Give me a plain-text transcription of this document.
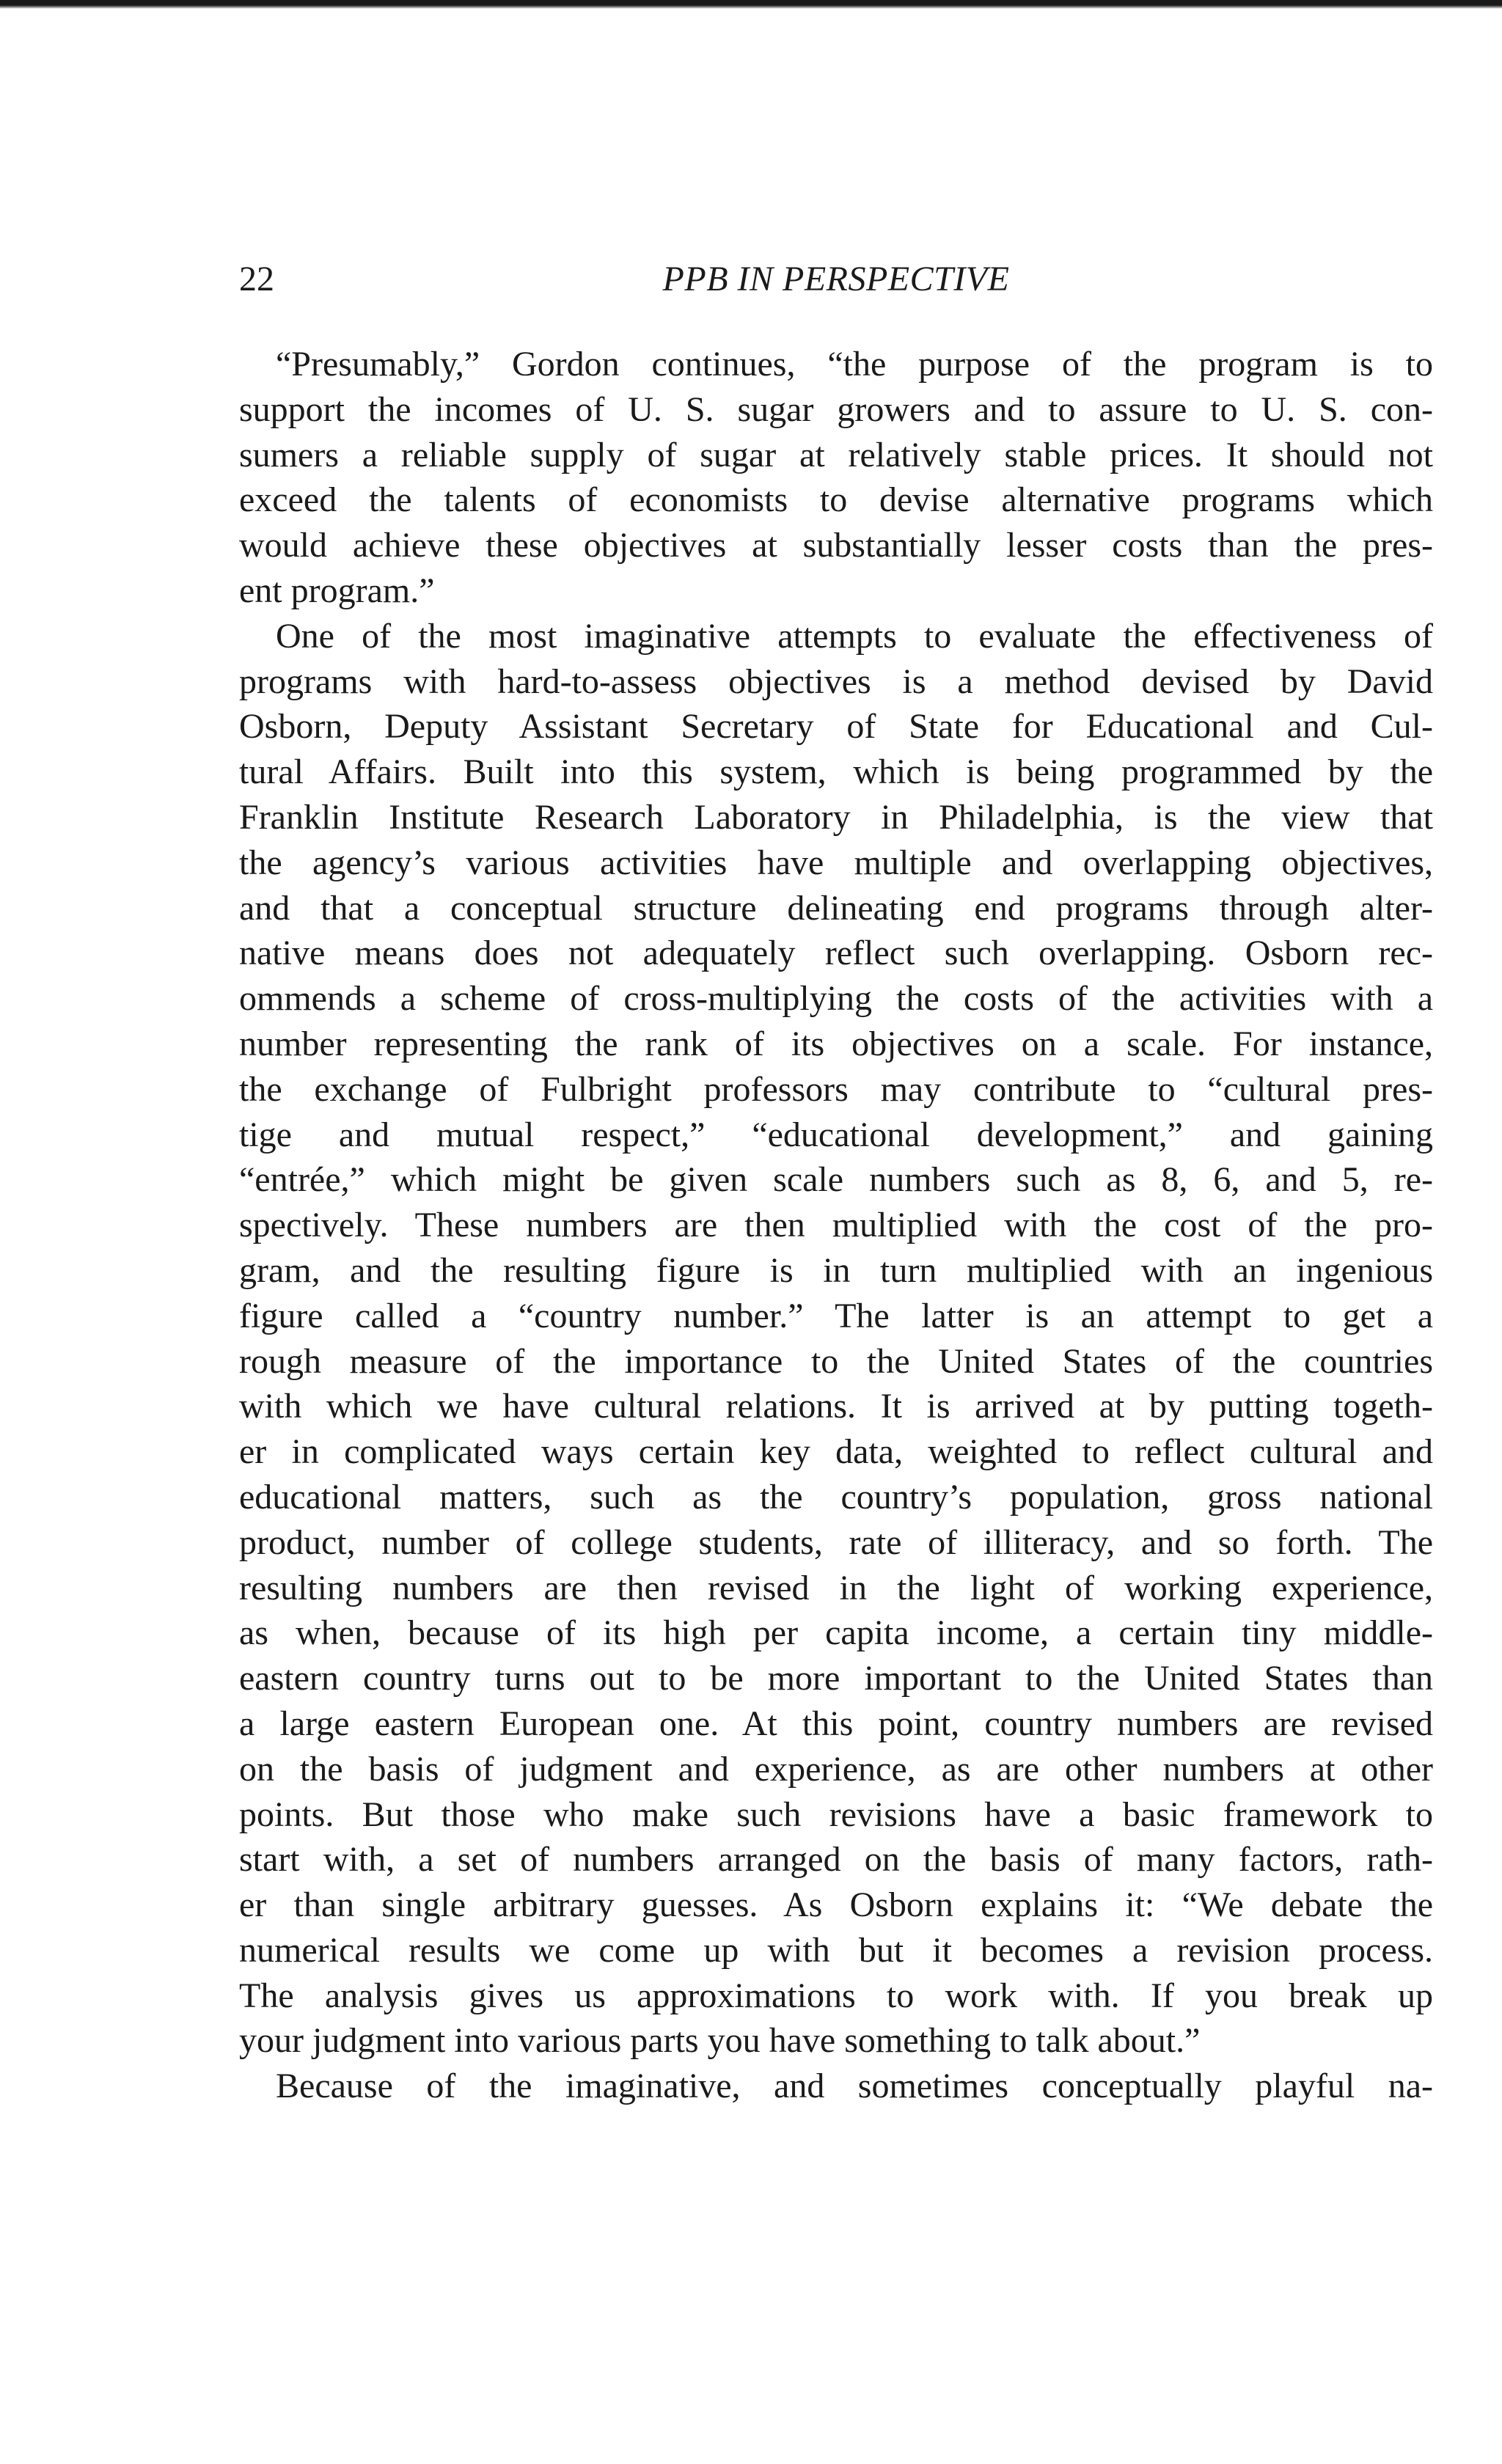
22	PPB IN PERSPECTIVE
“Presumably,” Gordon continues, “the purpose of the program is to
support the incomes of U. S. sugar growers and to assure to U. S. con-
sumers a reliable supply of sugar at relatively stable prices. It should not
exceed the talents of economists to devise alternative programs which
would achieve these objectives at substantially lesser costs than the pres-
ent program.”
One of the most imaginative attempts to evaluate the effectiveness of
programs with hard-to-assess objectives is a method devised by David
Osborn, Deputy Assistant Secretary of State for Educational and Cul-
tural Affairs. Built into this system, which is being programmed by the
Franklin Institute Research Laboratory in Philadelphia, is the view that
the agency’s various activities have multiple and overlapping objectives,
and that a conceptual structure delineating end programs through alter-
native means does not adequately reflect such overlapping. Osborn rec-
ommends a scheme of cross-multiplying the costs of the activities with a
number representing the rank of its objectives on a scale. For instance,
the exchange of Fulbright professors may contribute to “cultural pres-
tige and mutual respect,” “educational development,” and gaining
“entrée,” which might be given scale numbers such as 8, 6, and 5, re-
spectively. These numbers are then multiplied with the cost of the pro-
gram, and the resulting figure is in turn multiplied with an ingenious
figure called a “country number.” The latter is an attempt to get a
rough measure of the importance to the United States of the countries
with which we have cultural relations. It is arrived at by putting togeth-
er in complicated ways certain key data, weighted to reflect cultural and
educational matters, such as the country’s population, gross national
product, number of college students, rate of illiteracy, and so forth. The
resulting numbers are then revised in the light of working experience,
as when, because of its high per capita income, a certain tiny middle-
eastern country turns out to be more important to the United States than
a large eastern European one. At this point, country numbers are revised
on the basis of judgment and experience, as are other numbers at other
points. But those who make such revisions have a basic framework to
start with, a set of numbers arranged on the basis of many factors, rath-
er than single arbitrary guesses. As Osborn explains it: “We debate the
numerical results we come up with but it becomes a revision process.
The analysis gives us approximations to work with. If you break up
your judgment into various parts you have something to talk about.”
Because of the imaginative, and sometimes conceptually playful na-
